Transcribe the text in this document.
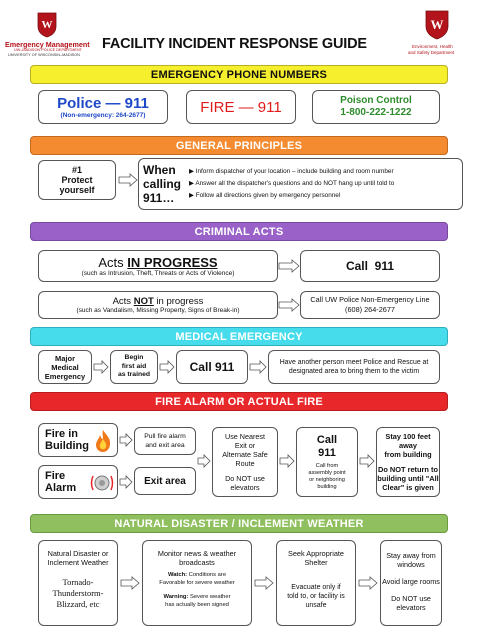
W
Emergency Management
UW–MADISON POLICE DEPARTMENT
UNIVERSITY OF WISCONSIN–MADISON
FACILITY INCIDENT RESPONSE GUIDE
W
Environment, Health
and Safety Department
EMERGENCY PHONE NUMBERS
Police — 911
(Non-emergency: 264-2677)	FIRE — 911	Poison Control
1-800-222-1222
GENERAL PRINCIPLES
#1
Protect
yourself
When
calling
911…
▶ Inform dispatcher of your location – include building and room number
▶ Answer all the dispatcher's questions and do NOT hang up until told to
▶ Follow all directions given by emergency personnel
CRIMINAL ACTS
Acts IN PROGRESS
(such as Intrusion, Theft, Threats or Acts of Violence)
Call  911
Acts NOT in progress
(such as Vandalism, Missing Property, Signs of Break-in)
Call UW Police Non-Emergency Line
(608) 264-2677
MEDICAL EMERGENCY
Major
Medical
Emergency
Begin
first aid
as trained
Call 911	Have another person meet Police and Rescue at
designated area to bring them to the victim
FIRE ALARM OR ACTUAL FIRE
Fire in
Building
Pull fire alarm
and exit area
Fire
Alarm
Exit area
Use Nearest
Exit or
Alternate Safe
Route
Do NOT use
elevators
Call
911
Call from
assembly point
or neighboring
building
Stay 100 feet away
from building
Do NOT return to
building until "All
Clear" is given
NATURAL DISASTER / INCLEMENT WEATHER
Natural Disaster or
Inclement Weather
Tornado-
Thunderstorm-
Blizzard, etc
Monitor news & weather
broadcasts
Watch: Conditions are
Favorable for severe weather
Warning: Severe weather
has actually been signed
Seek Appropriate
Shelter
Evacuate only if
told to, or facility is
unsafe
Stay away from
windows
Avoid large rooms
Do NOT use
elevators
